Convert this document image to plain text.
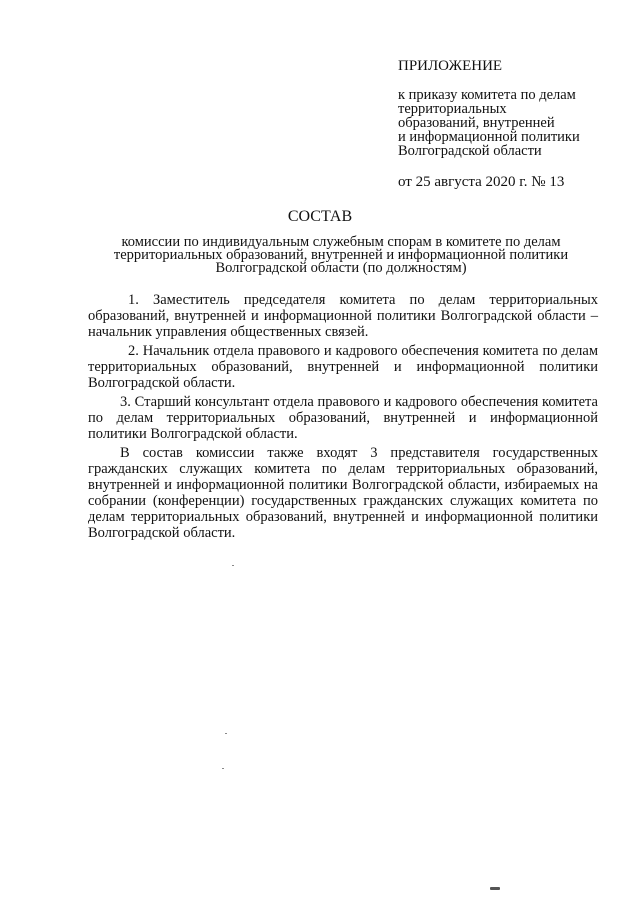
ПРИЛОЖЕНИЕ

к приказу комитета по делам

территориальных

образований, внутренней

и информационной политики

Волгоградской области

от 25 августа 2020 г. № 13

СОСТАВ

комиссии по индивидуальным служебным спорам в комитете по делам

территориальных образований, внутренней и информационной политики

Волгоградской области (по должностям)

1. Заместитель председателя комитета по делам территориальных образований, внутренней и информационной политики Волгоградской области – начальник управления общественных связей.

2. Начальник отдела правового и кадрового обеспечения комитета по делам территориальных образований, внутренней и информационной политики Волгоградской области.

3. Старший консультант отдела правового и кадрового обеспечения комитета по делам территориальных образований, внутренней и информационной политики Волгоградской области.

В состав комиссии также входят 3 представителя государственных гражданских служащих комитета по делам территориальных образований, внутренней и информационной политики Волгоградской области, избираемых на собрании (конференции) государственных гражданских служащих комитета по делам территориальных образований, внутренней и информационной политики Волгоградской области.
